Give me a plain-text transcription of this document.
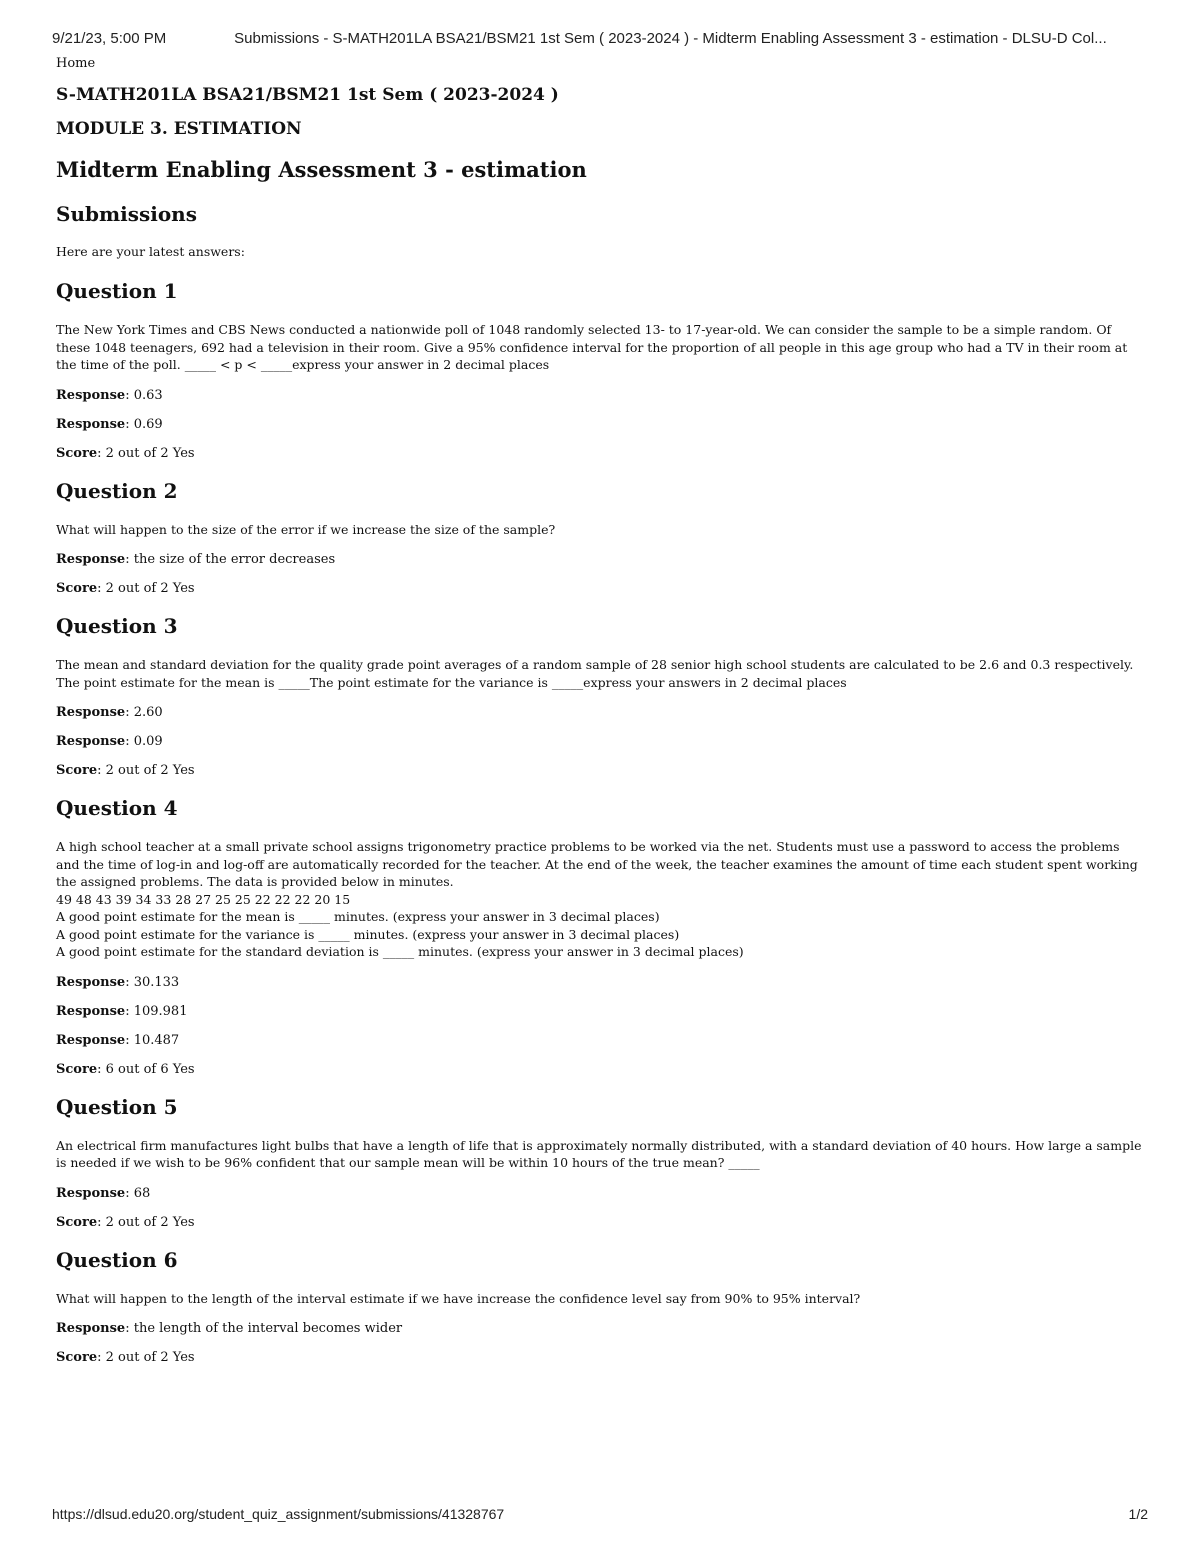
9/21/23, 5:00 PM	Submissions - S-MATH201LA BSA21/BSM21 1st Sem ( 2023-2024 ) - Midterm Enabling Assessment 3 - estimation - DLSU-D Col...
Home
S-MATH201LA BSA21/BSM21 1st Sem ( 2023-2024 )
MODULE 3. ESTIMATION
Midterm Enabling Assessment 3 - estimation
Submissions
Here are your latest answers:
Question 1
The New York Times and CBS News conducted a nationwide poll of 1048 randomly selected 13- to 17-year-old. We can consider the sample to be a simple random. Of these 1048 teenagers, 692 had a television in their room. Give a 95% confidence interval for the proportion of all people in this age group who had a TV in their room at the time of the poll. _____ < p < _____express your answer in 2 decimal places
Response: 0.63
Response: 0.69
Score: 2 out of 2 Yes
Question 2
What will happen to the size of the error if we increase the size of the sample?
Response: the size of the error decreases
Score: 2 out of 2 Yes
Question 3
The mean and standard deviation for the quality grade point averages of a random sample of 28 senior high school students are calculated to be 2.6 and 0.3 respectively. The point estimate for the mean is _____The point estimate for the variance is _____express your answers in 2 decimal places
Response: 2.60
Response: 0.09
Score: 2 out of 2 Yes
Question 4
A high school teacher at a small private school assigns trigonometry practice problems to be worked via the net. Students must use a password to access the problems and the time of log-in and log-off are automatically recorded for the teacher. At the end of the week, the teacher examines the amount of time each student spent working the assigned problems. The data is provided below in minutes.
49 48 43 39 34 33 28 27 25 25 22 22 22 20 15
A good point estimate for the mean is _____ minutes. (express your answer in 3 decimal places)
A good point estimate for the variance is _____ minutes. (express your answer in 3 decimal places)
A good point estimate for the standard deviation is _____ minutes. (express your answer in 3 decimal places)
Response: 30.133
Response: 109.981
Response: 10.487
Score: 6 out of 6 Yes
Question 5
An electrical firm manufactures light bulbs that have a length of life that is approximately normally distributed, with a standard deviation of 40 hours. How large a sample is needed if we wish to be 96% confident that our sample mean will be within 10 hours of the true mean? _____
Response: 68
Score: 2 out of 2 Yes
Question 6
What will happen to the length of the interval estimate if we have increase the confidence level say from 90% to 95% interval?
Response: the length of the interval becomes wider
Score: 2 out of 2 Yes
https://dlsud.edu20.org/student_quiz_assignment/submissions/41328767	1/2
